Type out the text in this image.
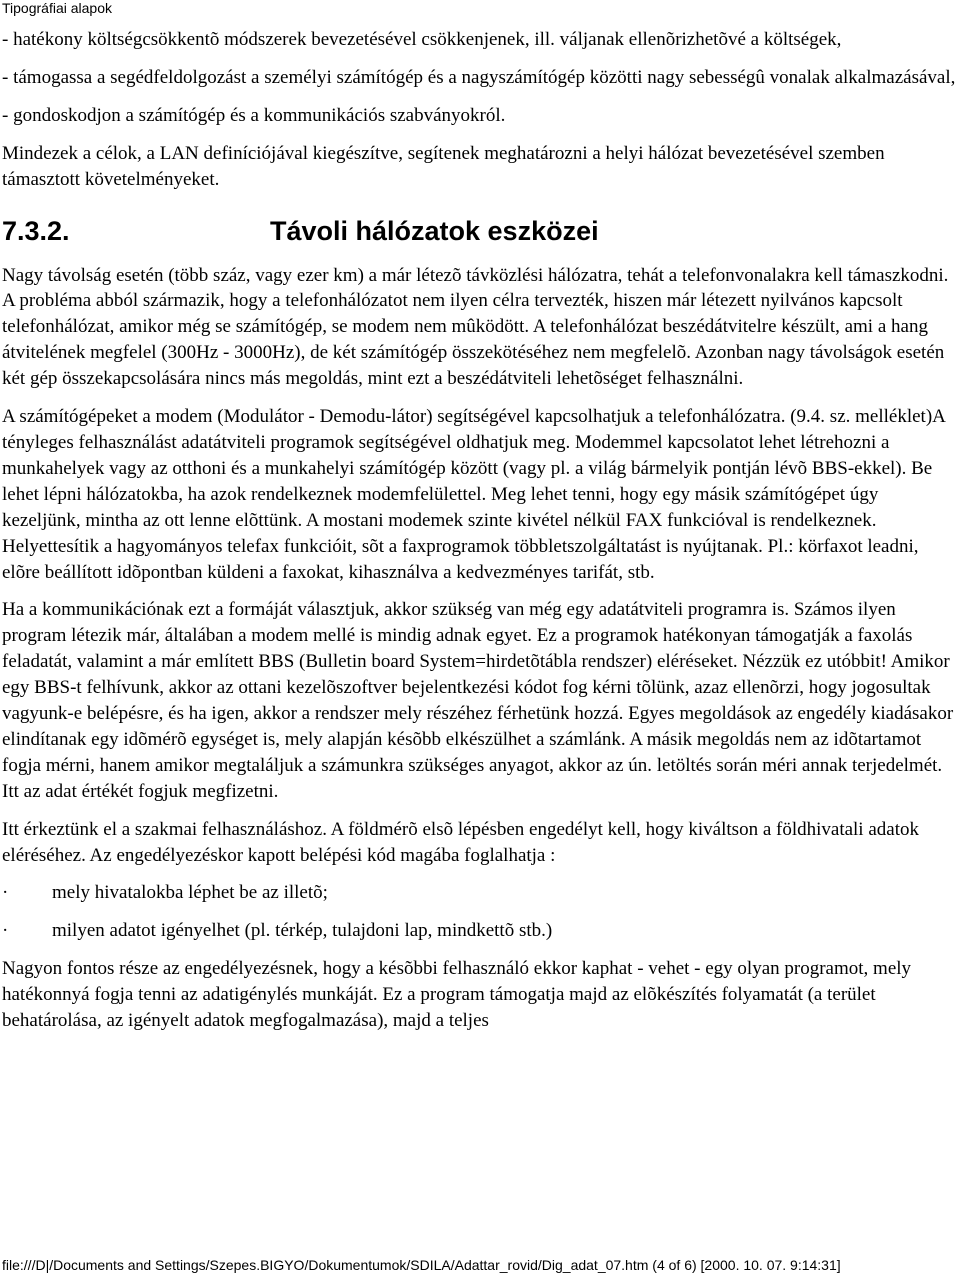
Tipográfiai alapok

- hatékony költségcsökkentõ módszerek bevezetésével csökkenjenek, ill. váljanak ellenõrizhetõvé a költségek,

- támogassa a segédfeldolgozást a személyi számítógép és a nagyszámítógép közötti nagy sebességû vonalak alkalmazásával,

- gondoskodjon a számítógép és a kommunikációs szabványokról.

Mindezek a célok, a LAN definíciójával kiegészítve, segítenek meghatározni a helyi hálózat bevezetésével szemben támasztott követelményeket.

7.3.2.	Távoli hálózatok eszközei

Nagy távolság esetén (több száz, vagy ezer km) a már létezõ távközlési hálózatra, tehát a telefonvonalakra kell támaszkodni. A probléma abból származik, hogy a telefonhálózatot nem ilyen célra tervezték, hiszen már létezett nyilvános kapcsolt telefonhálózat, amikor még se számítógép, se modem nem mûködött. A telefonhálózat beszédátvitelre készült, ami a hang átvitelének megfelel (300Hz - 3000Hz), de két számítógép összekötéséhez nem megfelelõ. Azonban nagy távolságok esetén két gép összekapcsolására nincs más megoldás, mint ezt a beszédátviteli lehetõséget felhasználni.

A számítógépeket a modem (Modulátor - Demodu-látor) segítségével kapcsolhatjuk a telefonhálózatra. (9.4. sz. melléklet)A tényleges felhasználást adatátviteli programok segítségével oldhatjuk meg. Modemmel kapcsolatot lehet létrehozni a munkahelyek vagy az otthoni és a munkahelyi számítógép között (vagy pl. a világ bármelyik pontján lévõ BBS-ekkel). Be lehet lépni hálózatokba, ha azok rendelkeznek modemfelülettel. Meg lehet tenni, hogy egy másik számítógépet úgy kezeljünk, mintha az ott lenne elõttünk. A mostani modemek szinte kivétel nélkül FAX funkcióval is rendelkeznek. Helyettesítik a hagyományos telefax funkcióit, sõt a faxprogramok többletszolgáltatást is nyújtanak. Pl.: körfaxot leadni, elõre beállított idõpontban küldeni a faxokat, kihasználva a kedvezményes tarifát, stb.

Ha a kommunikációnak ezt a formáját választjuk, akkor szükség van még egy adatátviteli programra is. Számos ilyen program létezik már, általában a modem mellé is mindig adnak egyet. Ez a programok hatékonyan támogatják a faxolás feladatát, valamint a már említett BBS (Bulletin board System=hirdetõtábla rendszer) eléréseket. Nézzük ez utóbbit! Amikor egy BBS-t felhívunk, akkor az ottani kezelõszoftver bejelentkezési kódot fog kérni tõlünk, azaz ellenõrzi, hogy jogosultak vagyunk-e belépésre, és ha igen, akkor a rendszer mely részéhez férhetünk hozzá. Egyes megoldások az engedély kiadásakor elindítanak egy idõmérõ egységet is, mely alapján késõbb elkészülhet a számlánk. A másik megoldás nem az idõtartamot fogja mérni, hanem amikor megtaláljuk a számunkra szükséges anyagot, akkor az ún. letöltés során méri annak terjedelmét. Itt az adat értékét fogjuk megfizetni.

Itt érkeztünk el a szakmai felhasználáshoz. A földmérõ elsõ lépésben engedélyt kell, hogy kiváltson a földhivatali adatok eléréséhez. Az engedélyezéskor kapott belépési kód magába foglalhatja :

· mely hivatalokba léphet be az illetõ;
· milyen adatot igényelhet (pl. térkép, tulajdoni lap, mindkettõ stb.)

Nagyon fontos része az engedélyezésnek, hogy a késõbbi felhasználó ekkor kaphat - vehet - egy olyan programot, mely hatékonnyá fogja tenni az adatigénylés munkáját. Ez a program támogatja majd az elõkészítés folyamatát (a terület behatárolása, az igényelt adatok megfogalmazása), majd a teljes

file:///D|/Documents and Settings/Szepes.BIGYO/Dokumentumok/SDILA/Adattar_rovid/Dig_adat_07.htm (4 of 6) [2000. 10. 07. 9:14:31]
